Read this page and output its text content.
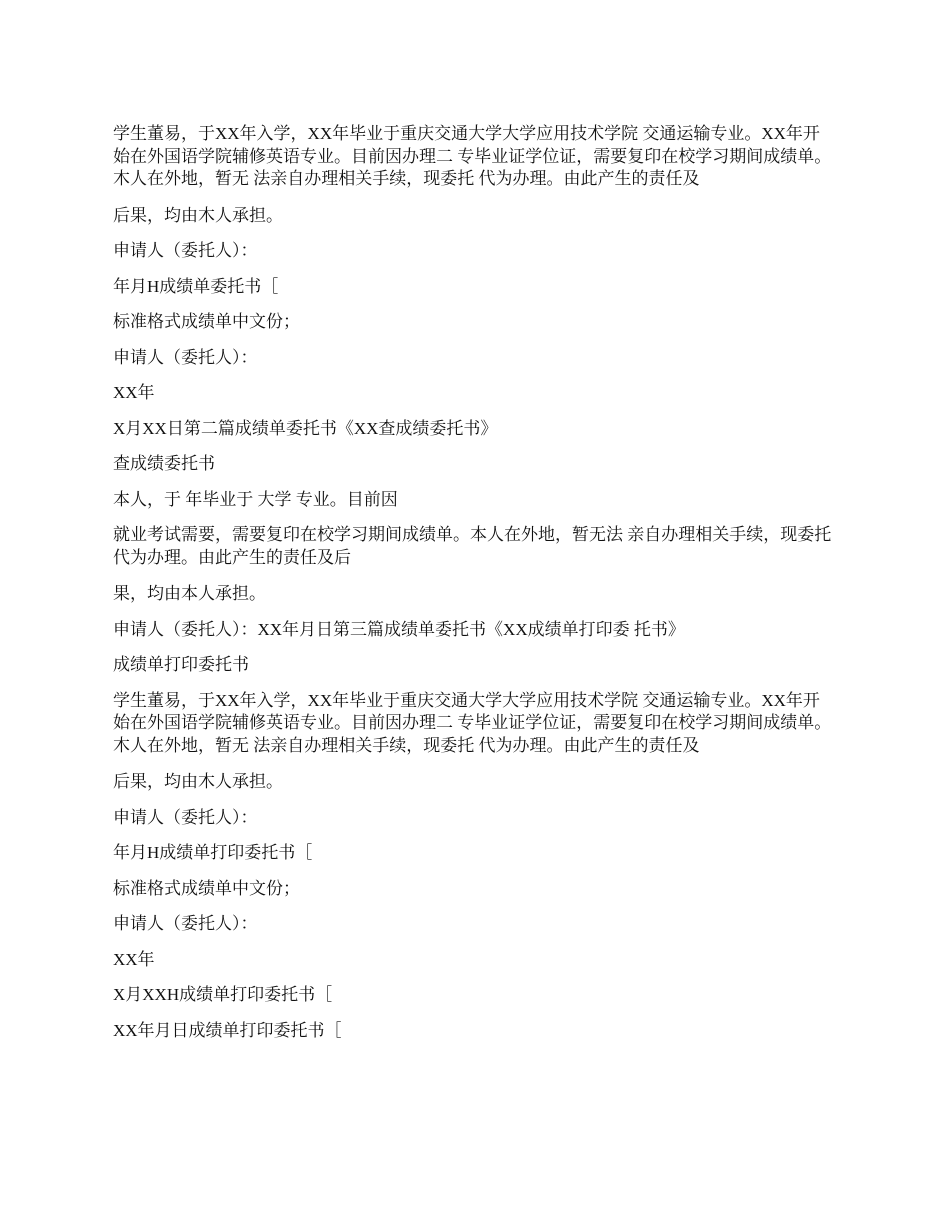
学生董易，于XX年入学，XX年毕业于重庆交通大学大学应用技术学院 交通运输专业。XX年开始在外国语学院辅修英语专业。目前因办理二 专毕业证学位证，需要复印在校学习期间成绩单。木人在外地，暂无 法亲自办理相关手续，现委托 代为办理。由此产生的责任及

后果，均由木人承担。

申请人（委托人）：

年月H成绩单委托书［

标准格式成绩单中文份；

申请人（委托人）：

XX年

X月XX日第二篇成绩单委托书《XX查成绩委托书》

查成绩委托书

本人，于 年毕业于 大学 专业。目前因

就业考试需要，需要复印在校学习期间成绩单。本人在外地，暂无法 亲自办理相关手续，现委托 代为办理。由此产生的责任及后

果，均由本人承担。

申请人（委托人）：XX年月日第三篇成绩单委托书《XX成绩单打印委 托书》

成绩单打印委托书

学生董易，于XX年入学，XX年毕业于重庆交通大学大学应用技术学院 交通运输专业。XX年开始在外国语学院辅修英语专业。目前因办理二 专毕业证学位证，需要复印在校学习期间成绩单。木人在外地，暂无 法亲自办理相关手续，现委托 代为办理。由此产生的责任及

后果，均由木人承担。

申请人（委托人）：

年月H成绩单打印委托书［

标准格式成绩单中文份；

申请人（委托人）：

XX年

X月XXH成绩单打印委托书［

XX年月日成绩单打印委托书［
